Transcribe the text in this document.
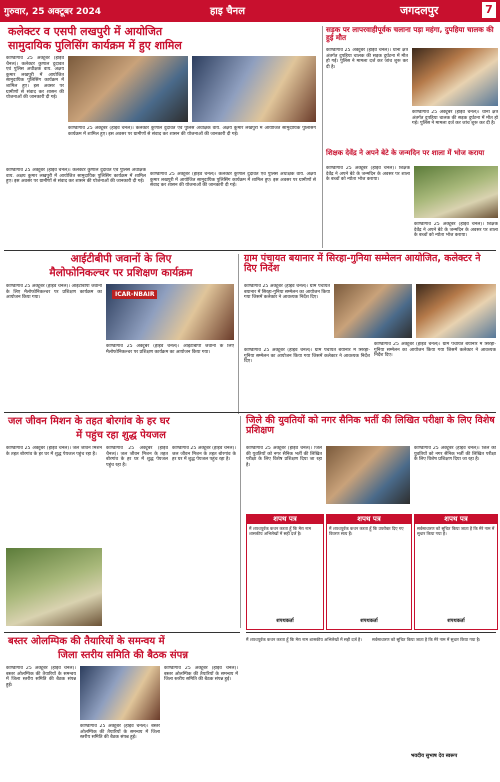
गुरुवार, 25 अक्टूबर 2024	हाइ चैनल	जगदलपुर	7
कलेक्टर व एसपी लखपुरी में आयोजित
सामुदायिक पुलिसिंग कार्यक्रम में हुए शामिल
कोण्डागांव 25 अक्टूबर (हाईवे चैनल)। कलेक्टर कुणाल दुदावत एवं पुलिस अधीक्षक वाय. अक्षय कुमार लखपुरी में आयोजित सामुदायिक पुलिसिंग कार्यक्रम में शामिल हुए। इस अवसर पर ग्रामीणों से संवाद कर शासन की योजनाओं की जानकारी दी गई।
कोण्डागांव 25 अक्टूबर (हाईवे चैनल)। कलेक्टर कुणाल दुदावत एवं पुलिस अधीक्षक वाय. अक्षय कुमार लखपुरी में आयोजित सामुदायिक पुलिसिंग कार्यक्रम में शामिल हुए। इस अवसर पर ग्रामीणों से संवाद कर शासन की योजनाओं की जानकारी दी गई।
कोण्डागांव 25 अक्टूबर (हाईवे चैनल)। कलेक्टर कुणाल दुदावत एवं पुलिस अधीक्षक वाय. अक्षय कुमार लखपुरी में आयोजित सामुदायिक पुलिसिंग कार्यक्रम में शामिल हुए। इस अवसर पर ग्रामीणों से संवाद कर शासन की योजनाओं की जानकारी दी गई।
कोण्डागांव 25 अक्टूबर (हाईवे चैनल)। कलेक्टर कुणाल दुदावत एवं पुलिस अधीक्षक वाय. अक्षय कुमार लखपुरी में आयोजित सामुदायिक पुलिसिंग कार्यक्रम में शामिल हुए। इस अवसर पर ग्रामीणों से संवाद कर शासन की योजनाओं की जानकारी दी गई।
सड़क पर लापरवाहीपूर्वक चलाना पड़ा महंगा, दुपहिया चालक की हुई मौत
कोण्डागांव 25 अक्टूबर (हाईवे चैनल)। थाना क्षेत्र अंतर्गत दुपहिया चालक की सड़क दुर्घटना में मौत हो गई। पुलिस ने मामला दर्ज कर जांच शुरू कर दी है।
कोण्डागांव 25 अक्टूबर (हाईवे चैनल)। थाना क्षेत्र अंतर्गत दुपहिया चालक की सड़क दुर्घटना में मौत हो गई। पुलिस ने मामला दर्ज कर जांच शुरू कर दी है।
शिक्षक देवेंद्र ने अपने बेटे के जन्मदिन पर शाला में भोज कराया
कोण्डागांव 25 अक्टूबर (हाईवे चैनल)। शिक्षक देवेंद्र ने अपने बेटे के जन्मदिन के अवसर पर शाला के बच्चों को न्योता भोज कराया।
कोण्डागांव 25 अक्टूबर (हाईवे चैनल)। शिक्षक देवेंद्र ने अपने बेटे के जन्मदिन के अवसर पर शाला के बच्चों को न्योता भोज कराया।
आईटीबीपी जवानों के लिए
मैलोफोनिकल्चर पर प्रशिक्षण कार्यक्रम
कोण्डागांव 25 अक्टूबर (हाईवे चैनल)। आईटीबीपी जवानों के लिए मैलोफोनिकल्चर पर प्रशिक्षण कार्यक्रम का आयोजन किया गया।	ICAR-NBAIR
कोण्डागांव 25 अक्टूबर (हाईवे चैनल)। आईटीबीपी जवानों के लिए मैलोफोनिकल्चर पर प्रशिक्षण कार्यक्रम का आयोजन किया गया।
ग्राम पंचायत बयानार में सिरहा-गुनिया सम्मेलन आयोजित, कलेक्टर ने दिए निर्देश
कोण्डागांव 25 अक्टूबर (हाईवे चैनल)। ग्राम पंचायत बयानार में सिरहा-गुनिया सम्मेलन का आयोजन किया गया जिसमें कलेक्टर ने आवश्यक निर्देश दिए।
कोण्डागांव 25 अक्टूबर (हाईवे चैनल)। ग्राम पंचायत बयानार में सिरहा-गुनिया सम्मेलन का आयोजन किया गया जिसमें कलेक्टर ने आवश्यक निर्देश दिए।
कोण्डागांव 25 अक्टूबर (हाईवे चैनल)। ग्राम पंचायत बयानार में सिरहा-गुनिया सम्मेलन का आयोजन किया गया जिसमें कलेक्टर ने आवश्यक निर्देश दिए।
जल जीवन मिशन के तहत बोरगांव के हर घर
में पहुंच रहा शुद्ध पेयजल
कोण्डागांव 25 अक्टूबर (हाईवे चैनल)। जल जीवन मिशन के तहत बोरगांव के हर घर में शुद्ध पेयजल पहुंच रहा है।
कोण्डागांव 25 अक्टूबर (हाईवे चैनल)। जल जीवन मिशन के तहत बोरगांव के हर घर में शुद्ध पेयजल पहुंच रहा है।
कोण्डागांव 25 अक्टूबर (हाईवे चैनल)। जल जीवन मिशन के तहत बोरगांव के हर घर में शुद्ध पेयजल पहुंच रहा है।
जिले की युवतियों को नगर सैनिक भर्ती की लिखित परीक्षा के लिए विशेष प्रशिक्षण
कोण्डागांव 25 अक्टूबर (हाईवे चैनल)। जिले की युवतियों को नगर सैनिक भर्ती की लिखित परीक्षा के लिए विशेष प्रशिक्षण दिया जा रहा है।
कोण्डागांव 25 अक्टूबर (हाईवे चैनल)। जिले की युवतियों को नगर सैनिक भर्ती की लिखित परीक्षा के लिए विशेष प्रशिक्षण दिया जा रहा है।
शपथ पत्र
मैं शपथपूर्वक कथन करता हूँ कि मेरा नाम शासकीय अभिलेखों में सही दर्ज है।
शपथकर्ता
शपथ पत्र
मैं शपथपूर्वक कथन करता हूँ कि उपरोक्त दिए गए विवरण सत्य हैं।
शपथकर्ता
शपथ पत्र
सर्वसाधारण को सूचित किया जाता है कि मेरे नाम में सुधार किया गया है।
शपथकर्ता
बस्तर ओलम्पिक की तैयारियों के समन्वय में
जिला स्तरीय समिति की बैठक संपन्न
कोण्डागांव 25 अक्टूबर (हाईवे चैनल)। बस्तर ओलम्पिक की तैयारियों के समन्वय में जिला स्तरीय समिति की बैठक संपन्न हुई।
कोण्डागांव 25 अक्टूबर (हाईवे चैनल)। बस्तर ओलम्पिक की तैयारियों के समन्वय में जिला स्तरीय समिति की बैठक संपन्न हुई।
कोण्डागांव 25 अक्टूबर (हाईवे चैनल)। बस्तर ओलम्पिक की तैयारियों के समन्वय में जिला स्तरीय समिति की बैठक संपन्न हुई।
मैं शपथपूर्वक कथन करता हूँ कि मेरा नाम शासकीय अभिलेखों में सही दर्ज है।	सर्वसाधारण को सूचित किया जाता है कि मेरे नाम में सुधार किया गया है।
भवदीय सुभाष देव स्वरूप
